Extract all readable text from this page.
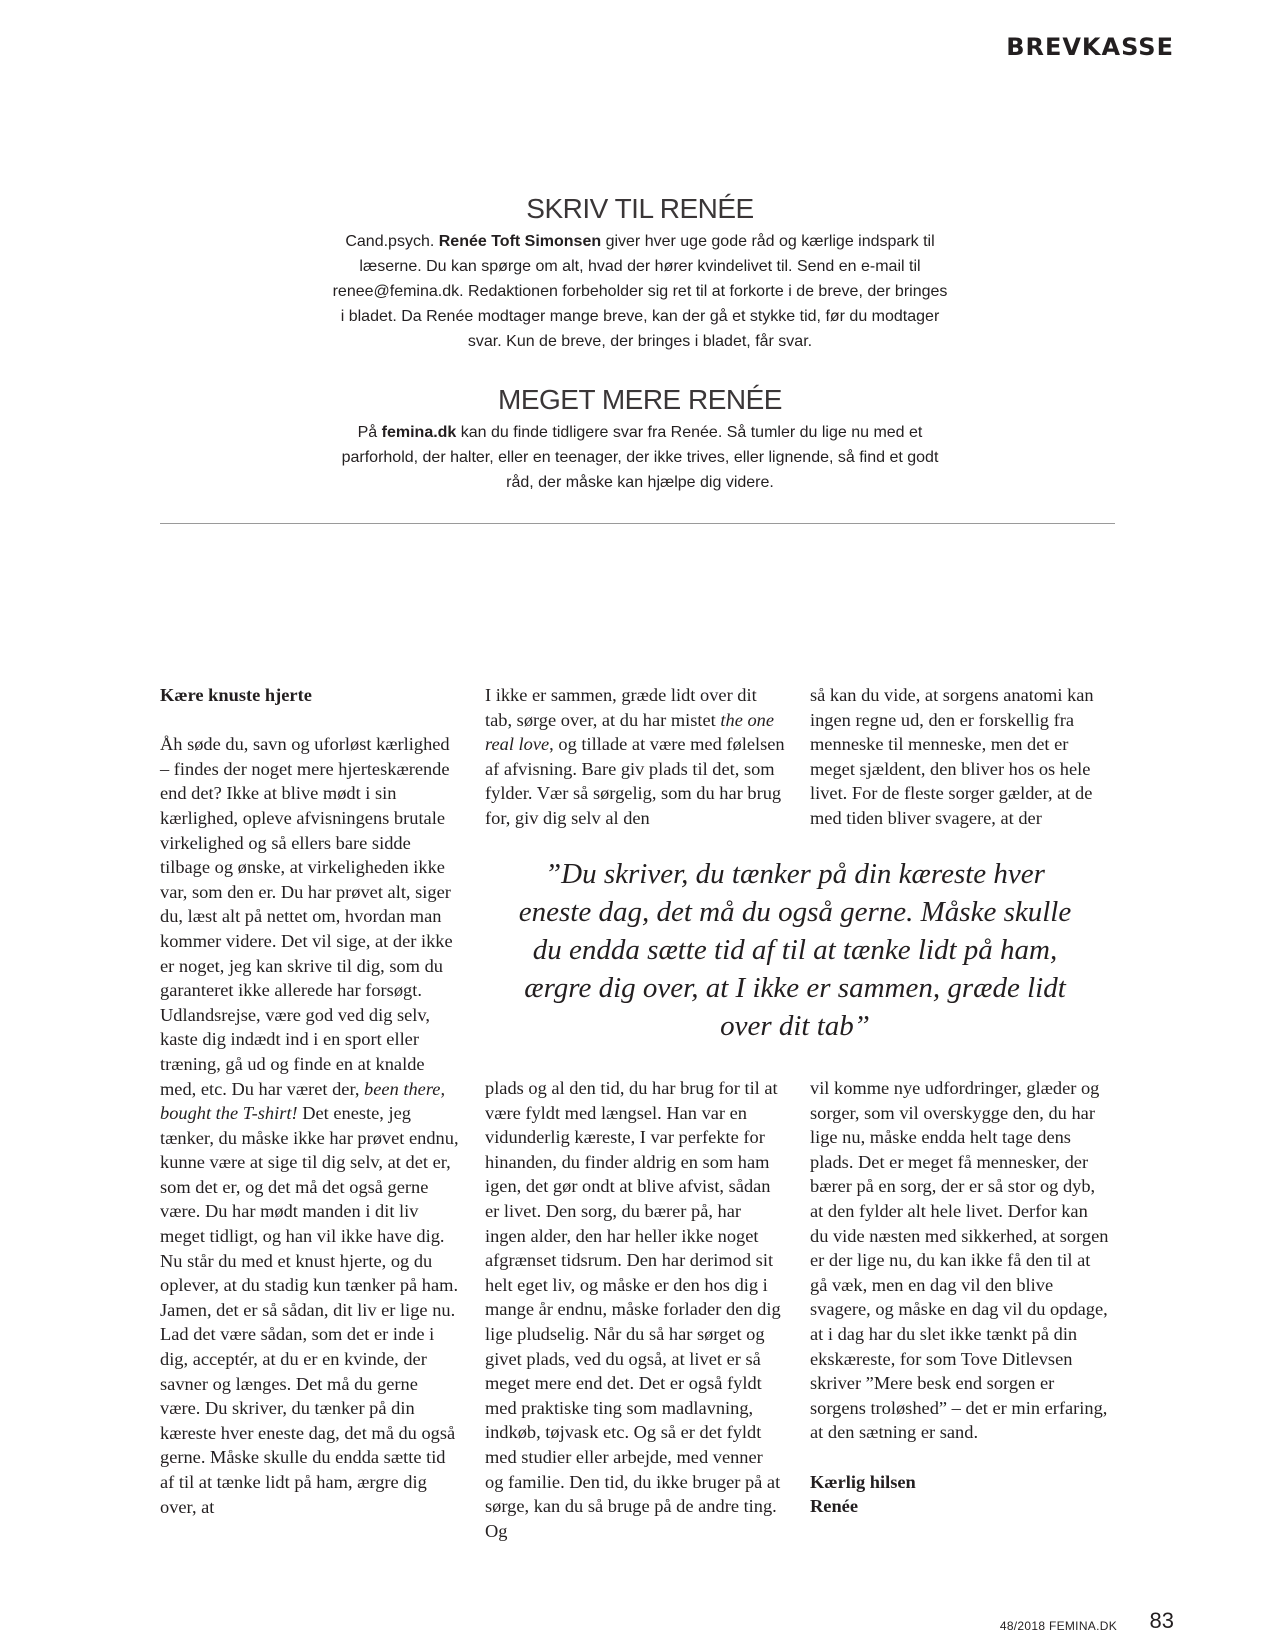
BREVKASSE
SKRIV TIL RENÉE

Cand.psych. Renée Toft Simonsen giver hver uge gode råd og kærlige indspark til læserne. Du kan spørge om alt, hvad der hører kvindelivet til. Send en e-mail til renee@femina.dk. Redaktionen forbeholder sig ret til at forkorte i de breve, der bringes i bladet. Da Renée modtager mange breve, kan der gå et stykke tid, før du modtager svar. Kun de breve, der bringes i bladet, får svar.

MEGET MERE RENÉE

På femina.dk kan du finde tidligere svar fra Renée. Så tumler du lige nu med et parforhold, der halter, eller en teenager, der ikke trives, eller lignende, så find et godt råd, der måske kan hjælpe dig videre.

Kære knuste hjerte

Åh søde du, savn og uforløst kærlighed – findes der noget mere hjerteskærende end det? Ikke at blive mødt i sin kærlighed, opleve afvisningens brutale virkelighed og så ellers bare sidde tilbage og ønske, at virkeligheden ikke var, som den er. Du har prøvet alt, siger du, læst alt på nettet om, hvordan man kommer videre. Det vil sige, at der ikke er noget, jeg kan skrive til dig, som du garanteret ikke allerede har forsøgt. Udlandsrejse, være god ved dig selv, kaste dig indædt ind i en sport eller træning, gå ud og finde en at knalde med, etc. Du har været der, been there, bought the T-shirt! Det eneste, jeg tænker, du måske ikke har prøvet endnu, kunne være at sige til dig selv, at det er, som det er, og det må det også gerne være. Du har mødt manden i dit liv meget tidligt, og han vil ikke have dig. Nu står du med et knust hjerte, og du oplever, at du stadig kun tænker på ham. Jamen, det er så sådan, dit liv er lige nu. Lad det være sådan, som det er inde i dig, acceptér, at du er en kvinde, der savner og længes. Det må du gerne være. Du skriver, du tænker på din kæreste hver eneste dag, det må du også gerne. Måske skulle du endda sætte tid af til at tænke lidt på ham, ærgre dig over, at

I ikke er sammen, græde lidt over dit tab, sørge over, at du har mistet the one real love, og tillade at være med følelsen af afvisning. Bare giv plads til det, som fylder. Vær så sørgelig, som du har brug for, giv dig selv al den

så kan du vide, at sorgens anatomi kan ingen regne ud, den er forskellig fra menneske til menneske, men det er meget sjældent, den bliver hos os hele livet. For de fleste sorger gælder, at de med tiden bliver svagere, at der

”Du skriver, du tænker på din kæreste hver eneste dag, det må du også gerne. Måske skulle du endda sætte tid af til at tænke lidt på ham, ærgre dig over, at I ikke er sammen, græde lidt over dit tab”

plads og al den tid, du har brug for til at være fyldt med længsel. Han var en vidunderlig kæreste, I var perfekte for hinanden, du finder aldrig en som ham igen, det gør ondt at blive afvist, sådan er livet. Den sorg, du bærer på, har ingen alder, den har heller ikke noget afgrænset tidsrum. Den har derimod sit helt eget liv, og måske er den hos dig i mange år endnu, måske forlader den dig lige pludselig. Når du så har sørget og givet plads, ved du også, at livet er så meget mere end det. Det er også fyldt med praktiske ting som madlavning, indkøb, tøjvask etc. Og så er det fyldt med studier eller arbejde, med venner og familie. Den tid, du ikke bruger på at sørge, kan du så bruge på de andre ting. Og

vil komme nye udfordringer, glæder og sorger, som vil overskygge den, du har lige nu, måske endda helt tage dens plads. Det er meget få mennesker, der bærer på en sorg, der er så stor og dyb, at den fylder alt hele livet. Derfor kan du vide næsten med sikkerhed, at sorgen er der lige nu, du kan ikke få den til at gå væk, men en dag vil den blive svagere, og måske en dag vil du opdage, at i dag har du slet ikke tænkt på din ekskæreste, for som Tove Ditlevsen skriver ”Mere besk end sorgen er sorgens troløshed” – det er min erfaring, at den sætning er sand.

Kærlig hilsen
Renée

48/2018 FEMINA.DK 83
